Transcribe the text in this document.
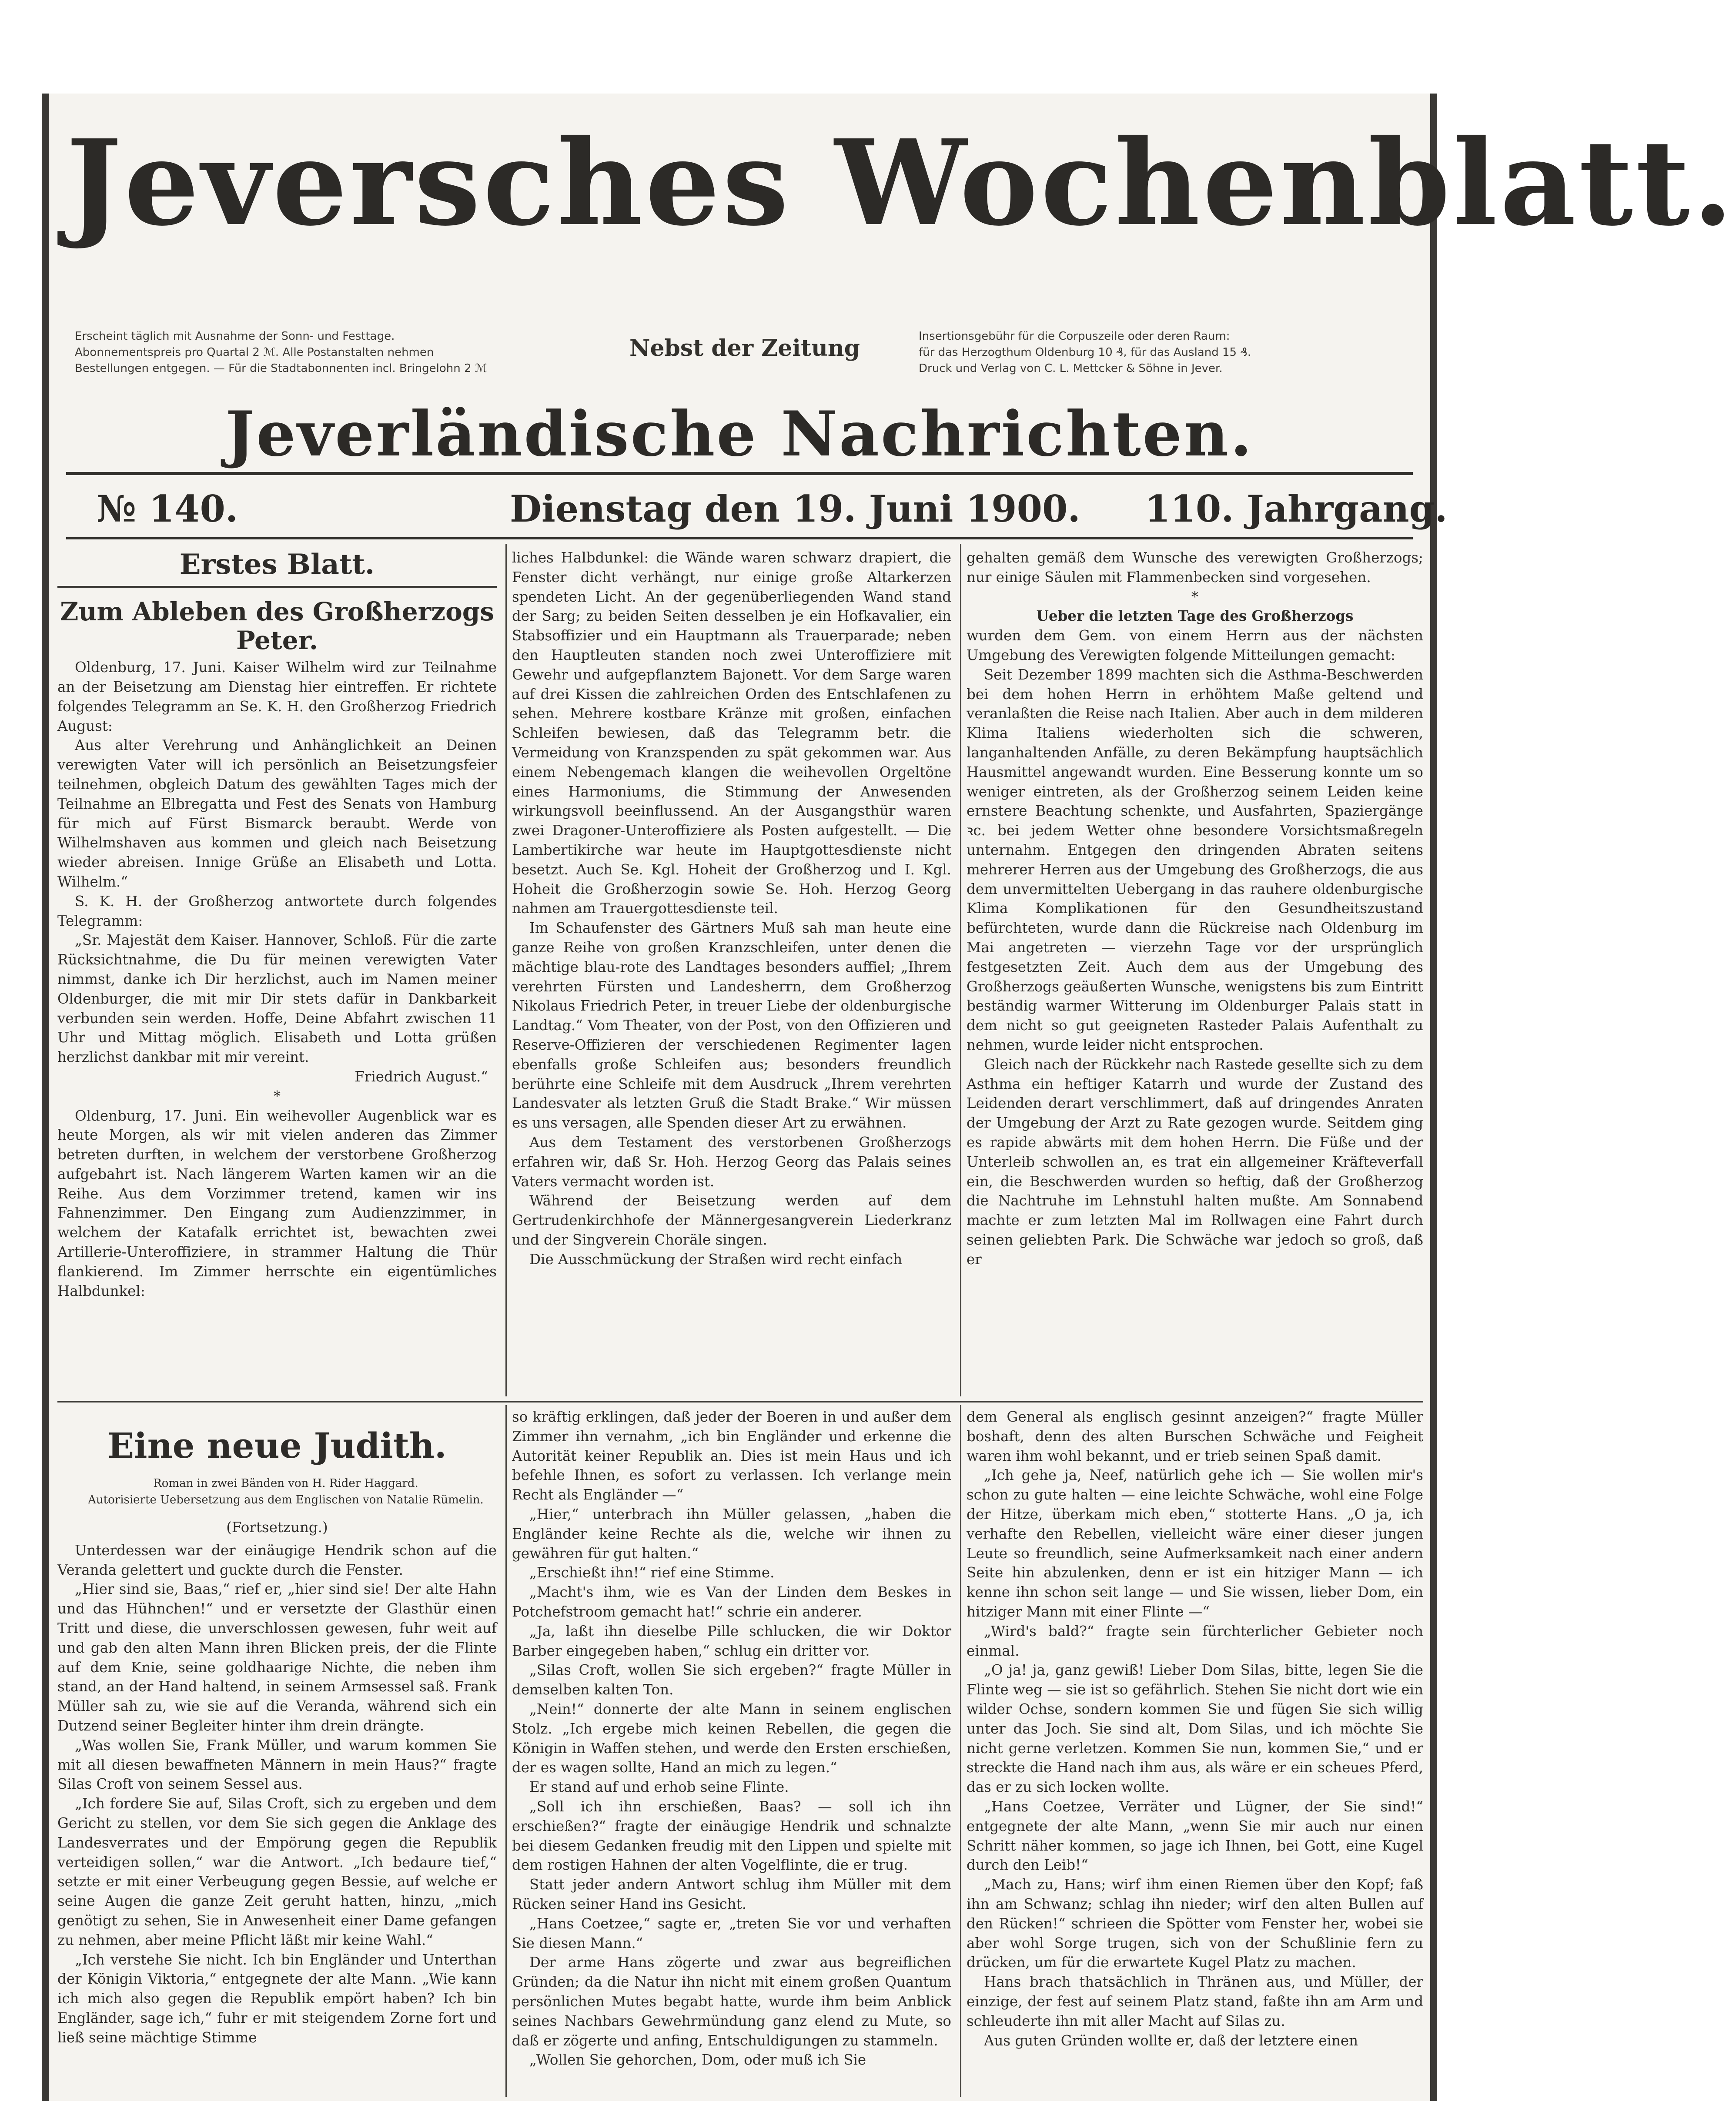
Jeversches Wochenblatt.

Erscheint täglich mit Ausnahme der Sonn- und Festtage.

Abonnementspreis pro Quartal 2 ℳ. Alle Postanstalten nehmen

Bestellungen entgegen. — Für die Stadtabonnenten incl. Bringelohn 2 ℳ

Nebst der Zeitung	Insertionsgebühr für die Corpuszeile oder deren Raum:

für das Herzogthum Oldenburg 10 ₰, für das Ausland 15 ₰.

Druck und Verlag von C. L. Mettcker & Söhne in Jever.

Jeverländische Nachrichten.
№ 140.	Dienstag den 19. Juni 1900. 110. Jahrgang.
Erstes Blatt.
Zum Ableben des Großherzogs Peter.

Oldenburg, 17. Juni. Kaiser Wilhelm wird zur Teilnahme an der Beisetzung am Dienstag hier eintreffen. Er richtete folgendes Telegramm an Se. K. H. den Großherzog Friedrich August:

Aus alter Verehrung und Anhänglichkeit an Deinen verewigten Vater will ich persönlich an Beisetzungsfeier teilnehmen, obgleich Datum des gewählten Tages mich der Teilnahme an Elbregatta und Fest des Senats von Hamburg für mich auf Fürst Bismarck beraubt. Werde von Wilhelmshaven aus kommen und gleich nach Beisetzung wieder abreisen. Innige Grüße an Elisabeth und Lotta. Wilhelm.“

S. K. H. der Großherzog antwortete durch folgendes Telegramm:

„Sr. Majestät dem Kaiser. Hannover, Schloß. Für die zarte Rücksichtnahme, die Du für meinen verewigten Vater nimmst, danke ich Dir herzlichst, auch im Namen meiner Oldenburger, die mit mir Dir stets dafür in Dankbarkeit verbunden sein werden. Hoffe, Deine Abfahrt zwischen 11 Uhr und Mittag möglich. Elisabeth und Lotta grüßen herzlichst dankbar mit mir vereint.

Friedrich August.“

*

Oldenburg, 17. Juni. Ein weihevoller Augenblick war es heute Morgen, als wir mit vielen anderen das Zimmer betreten durften, in welchem der verstorbene Großherzog aufgebahrt ist. Nach längerem Warten kamen wir an die Reihe. Aus dem Vorzimmer tretend, kamen wir ins Fahnenzimmer. Den Eingang zum Audienzzimmer, in welchem der Katafalk errichtet ist, bewachten zwei Artillerie-Unteroffiziere, in strammer Haltung die Thür flankierend. Im Zimmer herrschte ein eigentümliches Halbdunkel:

liches Halbdunkel: die Wände waren schwarz drapiert, die Fenster dicht verhängt, nur einige große Altarkerzen spendeten Licht. An der gegenüberliegenden Wand stand der Sarg; zu beiden Seiten desselben je ein Hofkavalier, ein Stabsoffizier und ein Hauptmann als Trauerparade; neben den Hauptleuten standen noch zwei Unteroffiziere mit Gewehr und aufgepflanztem Bajonett. Vor dem Sarge waren auf drei Kissen die zahlreichen Orden des Entschlafenen zu sehen. Mehrere kostbare Kränze mit großen, einfachen Schleifen bewiesen, daß das Telegramm betr. die Vermeidung von Kranzspenden zu spät gekommen war. Aus einem Nebengemach klangen die weihevollen Orgeltöne eines Harmoniums, die Stimmung der Anwesenden wirkungsvoll beeinflussend. An der Ausgangsthür waren zwei Dragoner-Unteroffiziere als Posten aufgestellt. — Die Lambertikirche war heute im Hauptgottesdienste nicht besetzt. Auch Se. Kgl. Hoheit der Großherzog und I. Kgl. Hoheit die Großherzogin sowie Se. Hoh. Herzog Georg nahmen am Trauergottesdienste teil.

Im Schaufenster des Gärtners Muß sah man heute eine ganze Reihe von großen Kranzschleifen, unter denen die mächtige blau-rote des Landtages besonders auffiel; „Ihrem verehrten Fürsten und Landesherrn, dem Großherzog Nikolaus Friedrich Peter, in treuer Liebe der oldenburgische Landtag.“ Vom Theater, von der Post, von den Offizieren und Reserve-Offizieren der verschiedenen Regimenter lagen ebenfalls große Schleifen aus; besonders freundlich berührte eine Schleife mit dem Ausdruck „Ihrem verehrten Landesvater als letzten Gruß die Stadt Brake.“ Wir müssen es uns versagen, alle Spenden dieser Art zu erwähnen.

Aus dem Testament des verstorbenen Großherzogs erfahren wir, daß Sr. Hoh. Herzog Georg das Palais seines Vaters vermacht worden ist.

Während der Beisetzung werden auf dem Gertrudenkirchhofe der Männergesangverein Liederkranz und der Singverein Choräle singen.

Die Ausschmückung der Straßen wird recht einfach

gehalten gemäß dem Wunsche des verewigten Großherzogs; nur einige Säulen mit Flammenbecken sind vorgesehen.

*

Ueber die letzten Tage des Großherzogs

wurden dem Gem. von einem Herrn aus der nächsten Umgebung des Verewigten folgende Mitteilungen gemacht:

Seit Dezember 1899 machten sich die Asthma-Beschwerden bei dem hohen Herrn in erhöhtem Maße geltend und veranlaßten die Reise nach Italien. Aber auch in dem milderen Klima Italiens wiederholten sich die schweren, langanhaltenden Anfälle, zu deren Bekämpfung hauptsächlich Hausmittel angewandt wurden. Eine Besserung konnte um so weniger eintreten, als der Großherzog seinem Leiden keine ernstere Beachtung schenkte, und Ausfahrten, Spaziergänge ꝛc. bei jedem Wetter ohne besondere Vorsichtsmaßregeln unternahm. Entgegen den dringenden Abraten seitens mehrerer Herren aus der Umgebung des Großherzogs, die aus dem unvermittelten Uebergang in das rauhere oldenburgische Klima Komplikationen für den Gesundheitszustand befürchteten, wurde dann die Rückreise nach Oldenburg im Mai angetreten — vierzehn Tage vor der ursprünglich festgesetzten Zeit. Auch dem aus der Umgebung des Großherzogs geäußerten Wunsche, wenigstens bis zum Eintritt beständig warmer Witterung im Oldenburger Palais statt in dem nicht so gut geeigneten Rasteder Palais Aufenthalt zu nehmen, wurde leider nicht entsprochen.

Gleich nach der Rückkehr nach Rastede gesellte sich zu dem Asthma ein heftiger Katarrh und wurde der Zustand des Leidenden derart verschlimmert, daß auf dringendes Anraten der Umgebung der Arzt zu Rate gezogen wurde. Seitdem ging es rapide abwärts mit dem hohen Herrn. Die Füße und der Unterleib schwollen an, es trat ein allgemeiner Kräfteverfall ein, die Beschwerden wurden so heftig, daß der Großherzog die Nachtruhe im Lehnstuhl halten mußte. Am Sonnabend machte er zum letzten Mal im Rollwagen eine Fahrt durch seinen geliebten Park. Die Schwäche war jedoch so groß, daß er

Eine neue Judith.

Roman in zwei Bänden von H. Rider Haggard.

Autorisierte Uebersetzung aus dem Englischen von Natalie Rümelin.

(Fortsetzung.)

Unterdessen war der einäugige Hendrik schon auf die Veranda gelettert und guckte durch die Fenster.

„Hier sind sie, Baas,“ rief er, „hier sind sie! Der alte Hahn und das Hühnchen!“ und er versetzte der Glasthür einen Tritt und diese, die unverschlossen gewesen, fuhr weit auf und gab den alten Mann ihren Blicken preis, der die Flinte auf dem Knie, seine goldhaarige Nichte, die neben ihm stand, an der Hand haltend, in seinem Armsessel saß. Frank Müller sah zu, wie sie auf die Veranda, während sich ein Dutzend seiner Begleiter hinter ihm drein drängte.

„Was wollen Sie, Frank Müller, und warum kommen Sie mit all diesen bewaffneten Männern in mein Haus?“ fragte Silas Croft von seinem Sessel aus.

„Ich fordere Sie auf, Silas Croft, sich zu ergeben und dem Gericht zu stellen, vor dem Sie sich gegen die Anklage des Landesverrates und der Empörung gegen die Republik verteidigen sollen,“ war die Antwort. „Ich bedaure tief,“ setzte er mit einer Verbeugung gegen Bessie, auf welche er seine Augen die ganze Zeit geruht hatten, hinzu, „mich genötigt zu sehen, Sie in Anwesenheit einer Dame gefangen zu nehmen, aber meine Pflicht läßt mir keine Wahl.“

„Ich verstehe Sie nicht. Ich bin Engländer und Unterthan der Königin Viktoria,“ entgegnete der alte Mann. „Wie kann ich mich also gegen die Republik empört haben? Ich bin Engländer, sage ich,“ fuhr er mit steigendem Zorne fort und ließ seine mächtige Stimme

so kräftig erklingen, daß jeder der Boeren in und außer dem Zimmer ihn vernahm, „ich bin Engländer und erkenne die Autorität keiner Republik an. Dies ist mein Haus und ich befehle Ihnen, es sofort zu verlassen. Ich verlange mein Recht als Engländer —“

„Hier,“ unterbrach ihn Müller gelassen, „haben die Engländer keine Rechte als die, welche wir ihnen zu gewähren für gut halten.“

„Erschießt ihn!“ rief eine Stimme.

„Macht's ihm, wie es Van der Linden dem Beskes in Potchefstroom gemacht hat!“ schrie ein anderer.

„Ja, laßt ihn dieselbe Pille schlucken, die wir Doktor Barber eingegeben haben,“ schlug ein dritter vor.

„Silas Croft, wollen Sie sich ergeben?“ fragte Müller in demselben kalten Ton.

„Nein!“ donnerte der alte Mann in seinem englischen Stolz. „Ich ergebe mich keinen Rebellen, die gegen die Königin in Waffen stehen, und werde den Ersten erschießen, der es wagen sollte, Hand an mich zu legen.“

Er stand auf und erhob seine Flinte.

„Soll ich ihn erschießen, Baas? — soll ich ihn erschießen?“ fragte der einäugige Hendrik und schnalzte bei diesem Gedanken freudig mit den Lippen und spielte mit dem rostigen Hahnen der alten Vogelflinte, die er trug.

Statt jeder andern Antwort schlug ihm Müller mit dem Rücken seiner Hand ins Gesicht.

„Hans Coetzee,“ sagte er, „treten Sie vor und verhaften Sie diesen Mann.“

Der arme Hans zögerte und zwar aus begreiflichen Gründen; da die Natur ihn nicht mit einem großen Quantum persönlichen Mutes begabt hatte, wurde ihm beim Anblick seines Nachbars Gewehrmündung ganz elend zu Mute, so daß er zögerte und anfing, Entschuldigungen zu stammeln.

„Wollen Sie gehorchen, Dom, oder muß ich Sie

dem General als englisch gesinnt anzeigen?“ fragte Müller boshaft, denn des alten Burschen Schwäche und Feigheit waren ihm wohl bekannt, und er trieb seinen Spaß damit.

„Ich gehe ja, Neef, natürlich gehe ich — Sie wollen mir's schon zu gute halten — eine leichte Schwäche, wohl eine Folge der Hitze, überkam mich eben,“ stotterte Hans. „O ja, ich verhafte den Rebellen, vielleicht wäre einer dieser jungen Leute so freundlich, seine Aufmerksamkeit nach einer andern Seite hin abzulenken, denn er ist ein hitziger Mann — ich kenne ihn schon seit lange — und Sie wissen, lieber Dom, ein hitziger Mann mit einer Flinte —“

„Wird's bald?“ fragte sein fürchterlicher Gebieter noch einmal.

„O ja! ja, ganz gewiß! Lieber Dom Silas, bitte, legen Sie die Flinte weg — sie ist so gefährlich. Stehen Sie nicht dort wie ein wilder Ochse, sondern kommen Sie und fügen Sie sich willig unter das Joch. Sie sind alt, Dom Silas, und ich möchte Sie nicht gerne verletzen. Kommen Sie nun, kommen Sie,“ und er streckte die Hand nach ihm aus, als wäre er ein scheues Pferd, das er zu sich locken wollte.

„Hans Coetzee, Verräter und Lügner, der Sie sind!“ entgegnete der alte Mann, „wenn Sie mir auch nur einen Schritt näher kommen, so jage ich Ihnen, bei Gott, eine Kugel durch den Leib!“

„Mach zu, Hans; wirf ihm einen Riemen über den Kopf; faß ihn am Schwanz; schlag ihn nieder; wirf den alten Bullen auf den Rücken!“ schrieen die Spötter vom Fenster her, wobei sie aber wohl Sorge trugen, sich von der Schußlinie fern zu drücken, um für die erwartete Kugel Platz zu machen.

Hans brach thatsächlich in Thränen aus, und Müller, der einzige, der fest auf seinem Platz stand, faßte ihn am Arm und schleuderte ihn mit aller Macht auf Silas zu.

Aus guten Gründen wollte er, daß der letztere einen
